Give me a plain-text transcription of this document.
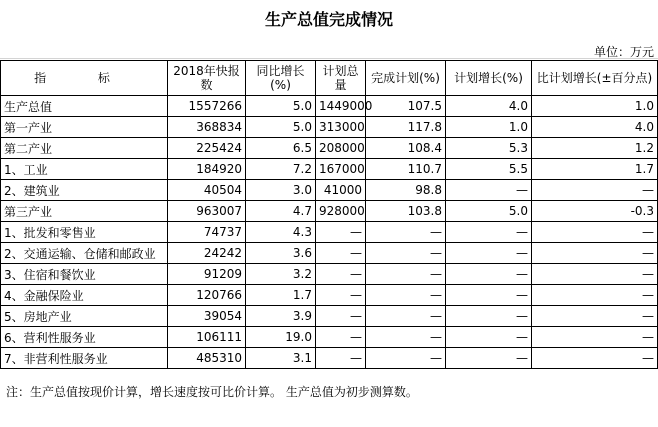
生产总值完成情况
单位：万元
指 标	2018年快报数	同比增长(%)	计划总量	完成计划(%)	计划增长(%)	比计划增长(±百分点)
生产总值	1557266	5.0	1449000	107.5	4.0	1.0
第一产业	368834	5.0	313000	117.8	1.0	4.0
第二产业	225424	6.5	208000	108.4	5.3	1.2
1、工业	184920	7.2	167000	110.7	5.5	1.7
2、建筑业	40504	3.0	41000	98.8	—	—
第三产业	963007	4.7	928000	103.8	5.0	-0.3
1、批发和零售业	74737	4.3	—	—	—	—
2、交通运输、仓储和邮政业	24242	3.6	—	—	—	—
3、住宿和餐饮业	91209	3.2	—	—	—	—
4、金融保险业	120766	1.7	—	—	—	—
5、房地产业	39054	3.9	—	—	—	—
6、营利性服务业	106111	19.0	—	—	—	—
7、非营利性服务业	485310	3.1	—	—	—	—
注：生产总值按现价计算，增长速度按可比价计算。 生产总值为初步测算数。
